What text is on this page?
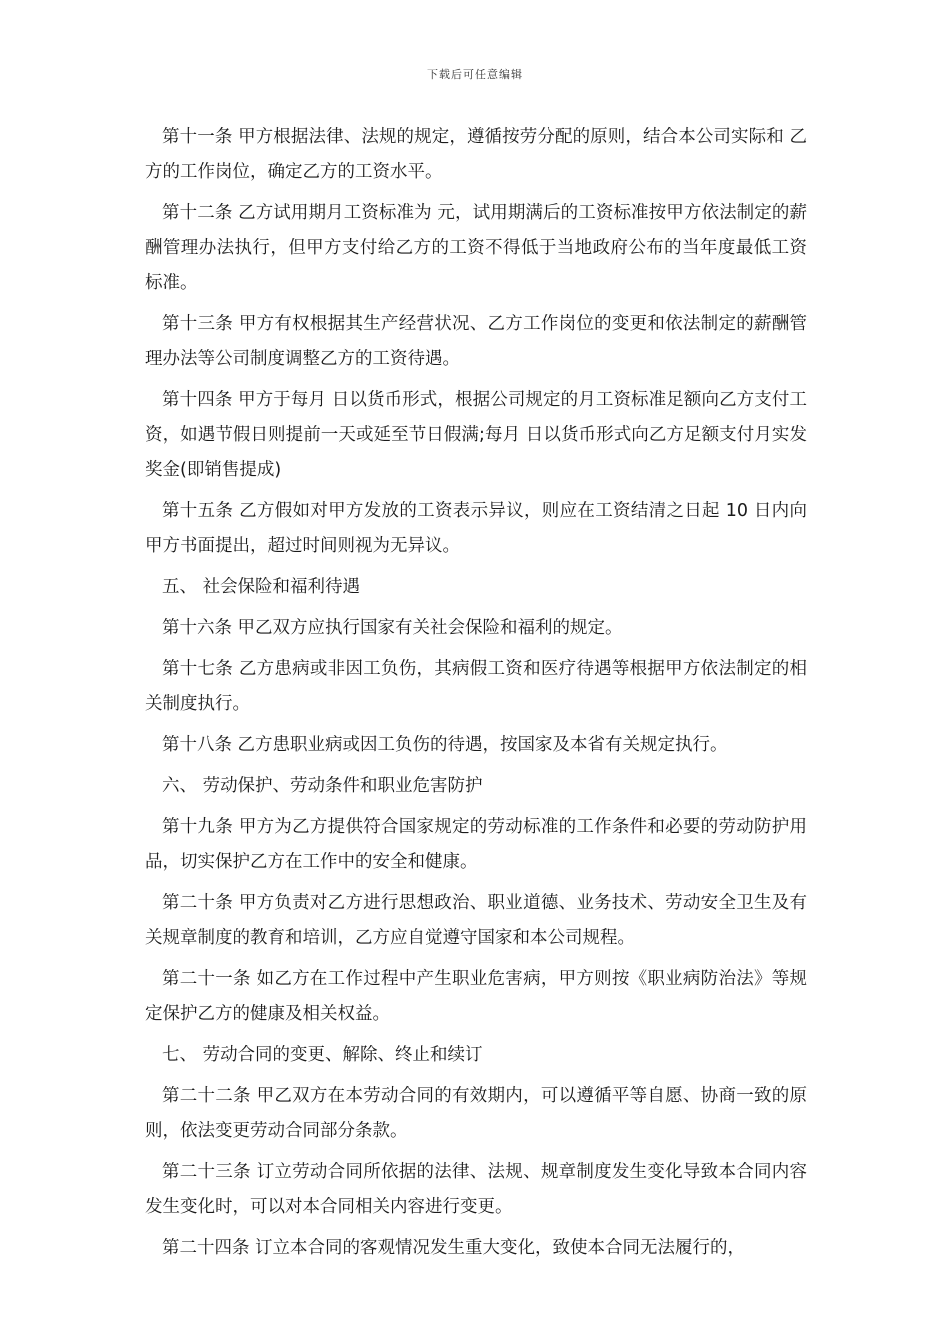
下载后可任意编辑

第十一条 甲方根据法律、法规的规定，遵循按劳分配的原则，结合本公司实际和 乙方的工作岗位，确定乙方的工资水平。

第十二条 乙方试用期月工资标准为 元，试用期满后的工资标准按甲方依法制定的薪酬管理办法执行，但甲方支付给乙方的工资不得低于当地政府公布的当年度最低工资标准。

第十三条 甲方有权根据其生产经营状况、乙方工作岗位的变更和依法制定的薪酬管理办法等公司制度调整乙方的工资待遇。

第十四条 甲方于每月 日以货币形式，根据公司规定的月工资标准足额向乙方支付工资，如遇节假日则提前一天或延至节日假满;每月 日以货币形式向乙方足额支付月实发奖金(即销售提成)

第十五条 乙方假如对甲方发放的工资表示异议，则应在工资结清之日起 10 日内向甲方书面提出，超过时间则视为无异议。

五、 社会保险和福利待遇

第十六条 甲乙双方应执行国家有关社会保险和福利的规定。

第十七条 乙方患病或非因工负伤，其病假工资和医疗待遇等根据甲方依法制定的相关制度执行。

第十八条 乙方患职业病或因工负伤的待遇，按国家及本省有关规定执行。

六、 劳动保护、劳动条件和职业危害防护

第十九条 甲方为乙方提供符合国家规定的劳动标准的工作条件和必要的劳动防护用品，切实保护乙方在工作中的安全和健康。

第二十条 甲方负责对乙方进行思想政治、职业道德、业务技术、劳动安全卫生及有关规章制度的教育和培训，乙方应自觉遵守国家和本公司规程。

第二十一条 如乙方在工作过程中产生职业危害病，甲方则按《职业病防治法》等规定保护乙方的健康及相关权益。

七、 劳动合同的变更、解除、终止和续订

第二十二条 甲乙双方在本劳动合同的有效期内，可以遵循平等自愿、协商一致的原则，依法变更劳动合同部分条款。

第二十三条 订立劳动合同所依据的法律、法规、规章制度发生变化导致本合同内容发生变化时，可以对本合同相关内容进行变更。

第二十四条 订立本合同的客观情况发生重大变化，致使本合同无法履行的，
